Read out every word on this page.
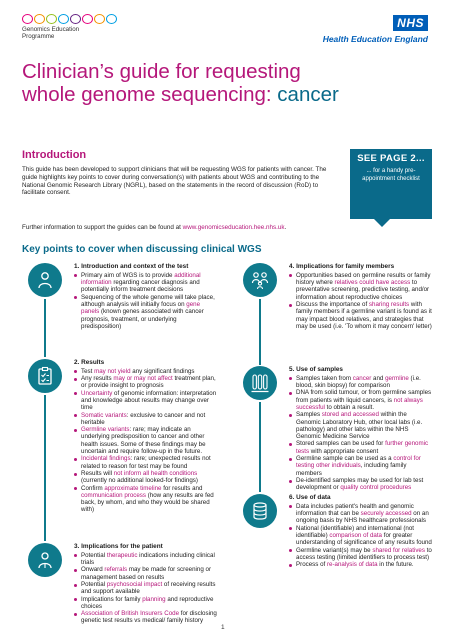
Genomics Education
Programme
NHS
Health Education England
Clinician’s guide for requesting
whole genome sequencing: cancer
Introduction
This guide has been developed to support clinicians that will be requesting WGS for patients with cancer. The guide highlights key points to cover during conversation(s) with patients about WGS and contributing to the National Genomic Research Library (NGRL), based on the statements in the record of discussion (RoD) to facilitate consent.
Further information to support the guides can be found at www.genomicseducation.hee.nhs.uk.
SEE PAGE 2...
... for a handy pre-appointment checklist
Key points to cover when discussing clinical WGS
1. Introduction and context of the test
Primary aim of WGS is to provide additional information regarding cancer diagnosis and potentially inform treatment decisions
Sequencing of the whole genome will take place, although analysis will initially focus on gene panels (known genes associated with cancer prognosis, treatment, or underlying predisposition)
2. Results
Test may not yield any significant findings
Any results may or may not affect treatment plan, or provide insight to prognosis
Uncertainty of genomic information: interpretation and knowledge about results may change over time
Somatic variants: exclusive to cancer and not heritable
Germline variants: rare; may indicate an underlying predisposition to cancer and other health issues. Some of these findings may be uncertain and require follow-up in the future.
Incidental findings: rare; unexpected results not related to reason for test may be found
Results will not inform all health conditions (currently no additional looked-for findings)
Confirm approximate timeline for results and communication process (how any results are fed back, by whom, and who they would be shared with)
3. Implications for the patient
Potential therapeutic indications including clinical trials
Onward referrals may be made for screening or management based on results
Potential psychosocial impact of receiving results and support available
Implications for family planning and reproductive choices
Association of British Insurers Code for disclosing genetic test results vs medical/ family history
4. Implications for family members
Opportunities based on germline results or family history where relatives could have access to preventative screening, predictive testing, and/or information about reproductive choices
Discuss the importance of sharing results with family members if a germline variant is found as it may impact blood relatives, and strategies that may be used (i.e. 'To whom it may concern' letter)
5. Use of samples
Samples taken from cancer and germline (i.e. blood, skin biopsy) for comparison
DNA from solid tumour, or from germline samples from patients with liquid cancers, is not always successful to obtain a result.
Samples stored and accessed within the Genomic Laboratory Hub, other local labs (i.e. pathology) and other labs within the NHS Genomic Medicine Service
Stored samples can be used for further genomic tests with appropriate consent
Germline sample can be used as a control for testing other individuals, including family members
De-identified samples may be used for lab test development or quality control procedures
6. Use of data
Data includes patient's health and genomic information that can be securely accessed on an ongoing basis by NHS healthcare professionals
National (identifiable) and international (not identifiable) comparison of data for greater understanding of significance of any results found
Germline variant(s) may be shared for relatives to access testing (limited identifiers to process test)
Process of re-analysis of data in the future.
1
